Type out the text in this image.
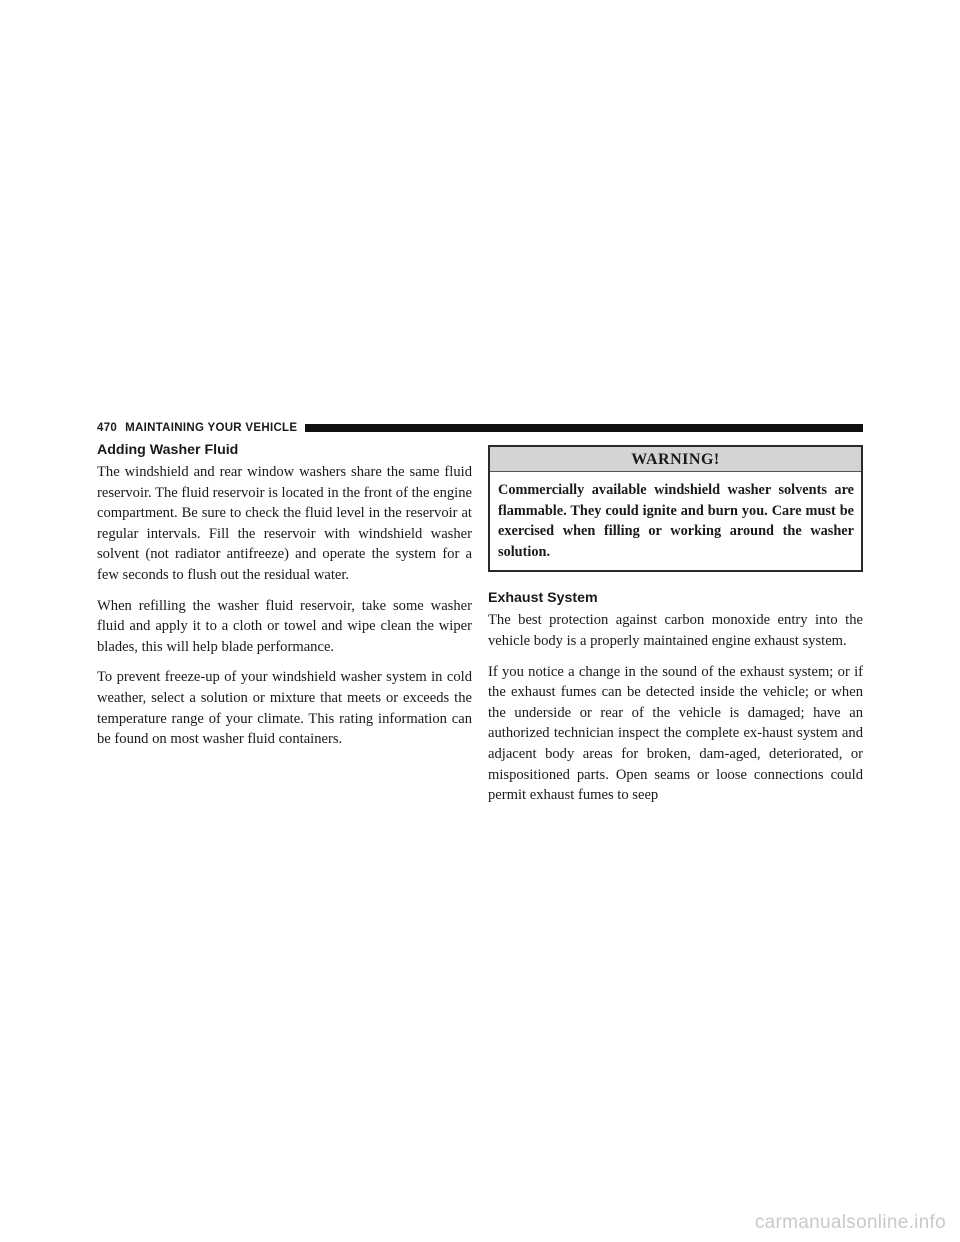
470 MAINTAINING YOUR VEHICLE
Adding Washer Fluid

The windshield and rear window washers share the same fluid reservoir. The fluid reservoir is located in the front of the engine compartment. Be sure to check the fluid level in the reservoir at regular intervals. Fill the reservoir with windshield washer solvent (not radiator antifreeze) and operate the system for a few seconds to flush out the residual water.

When refilling the washer fluid reservoir, take some washer fluid and apply it to a cloth or towel and wipe clean the wiper blades, this will help blade performance.

To prevent freeze-up of your windshield washer system in cold weather, select a solution or mixture that meets or exceeds the temperature range of your climate. This rating information can be found on most washer fluid containers.

WARNING!
Commercially available windshield washer solvents are flammable. They could ignite and burn you. Care must be exercised when filling or working around the washer solution.
Exhaust System

The best protection against carbon monoxide entry into the vehicle body is a properly maintained engine exhaust system.

If you notice a change in the sound of the exhaust system; or if the exhaust fumes can be detected inside the vehicle; or when the underside or rear of the vehicle is damaged; have an authorized technician inspect the complete ex-haust system and adjacent body areas for broken, dam-aged, deteriorated, or mispositioned parts. Open seams or loose connections could permit exhaust fumes to seep

carmanualsonline.info
